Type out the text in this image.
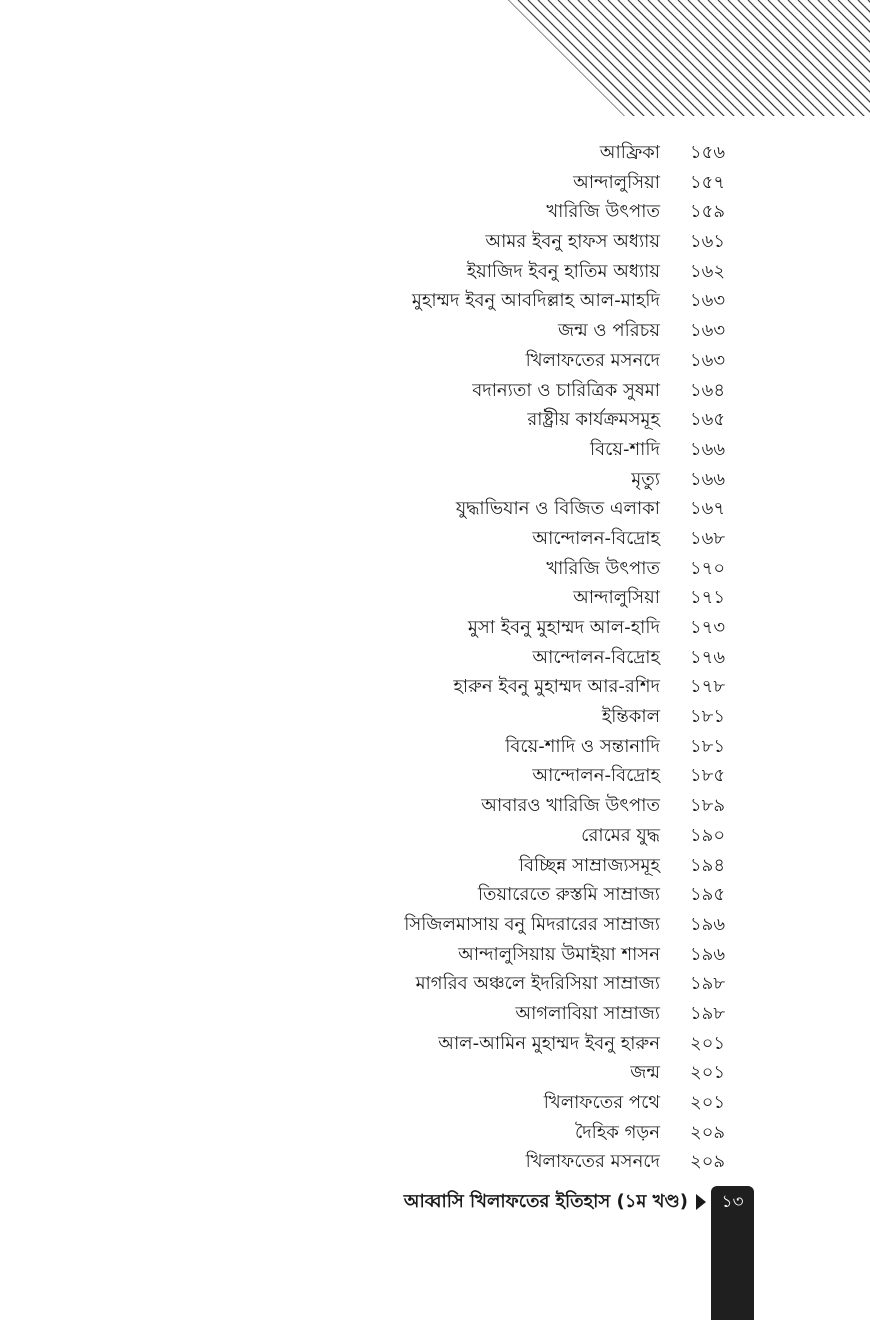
আফ্রিকা ১৫৬
আন্দালুসিয়া ১৫৭
খারিজি উৎপাত ১৫৯
আমর ইবনু হাফস অধ্যায় ১৬১
ইয়াজিদ ইবনু হাতিম অধ্যায় ১৬২
মুহাম্মদ ইবনু আবদিল্লাহ আল-মাহদি ১৬৩
জন্ম ও পরিচয় ১৬৩
খিলাফতের মসনদে ১৬৩
বদান্যতা ও চারিত্রিক সুষমা ১৬৪
রাষ্ট্রীয় কার্যক্রমসমূহ ১৬৫
বিয়ে-শাদি ১৬৬
মৃত্যু ১৬৬
যুদ্ধাভিযান ও বিজিত এলাকা ১৬৭
আন্দোলন-বিদ্রোহ ১৬৮
খারিজি উৎপাত ১৭০
আন্দালুসিয়া ১৭১
মুসা ইবনু মুহাম্মদ আল-হাদি ১৭৩
আন্দোলন-বিদ্রোহ ১৭৬
হারুন ইবনু মুহাম্মদ আর-রশিদ ১৭৮
ইন্তিকাল ১৮১
বিয়ে-শাদি ও সন্তানাদি ১৮১
আন্দোলন-বিদ্রোহ ১৮৫
আবারও খারিজি উৎপাত ১৮৯
রোমের যুদ্ধ ১৯০
বিচ্ছিন্ন সাম্রাজ্যসমূহ ১৯৪
তিয়ারেতে রুস্তমি সাম্রাজ্য ১৯৫
সিজিলমাসায় বনু মিদরারের সাম্রাজ্য ১৯৬
আন্দালুসিয়ায় উমাইয়া শাসন ১৯৬
মাগরিব অঞ্চলে ইদরিসিয়া সাম্রাজ্য ১৯৮
আগলাবিয়া সাম্রাজ্য ১৯৮
আল-আমিন মুহাম্মদ ইবনু হারুন ২০১
জন্ম ২০১
খিলাফতের পথে ২০১
দৈহিক গড়ন ২০৯
খিলাফতের মসনদে ২০৯
আব্বাসি খিলাফতের ইতিহাস (১ম খণ্ড)	১৩
